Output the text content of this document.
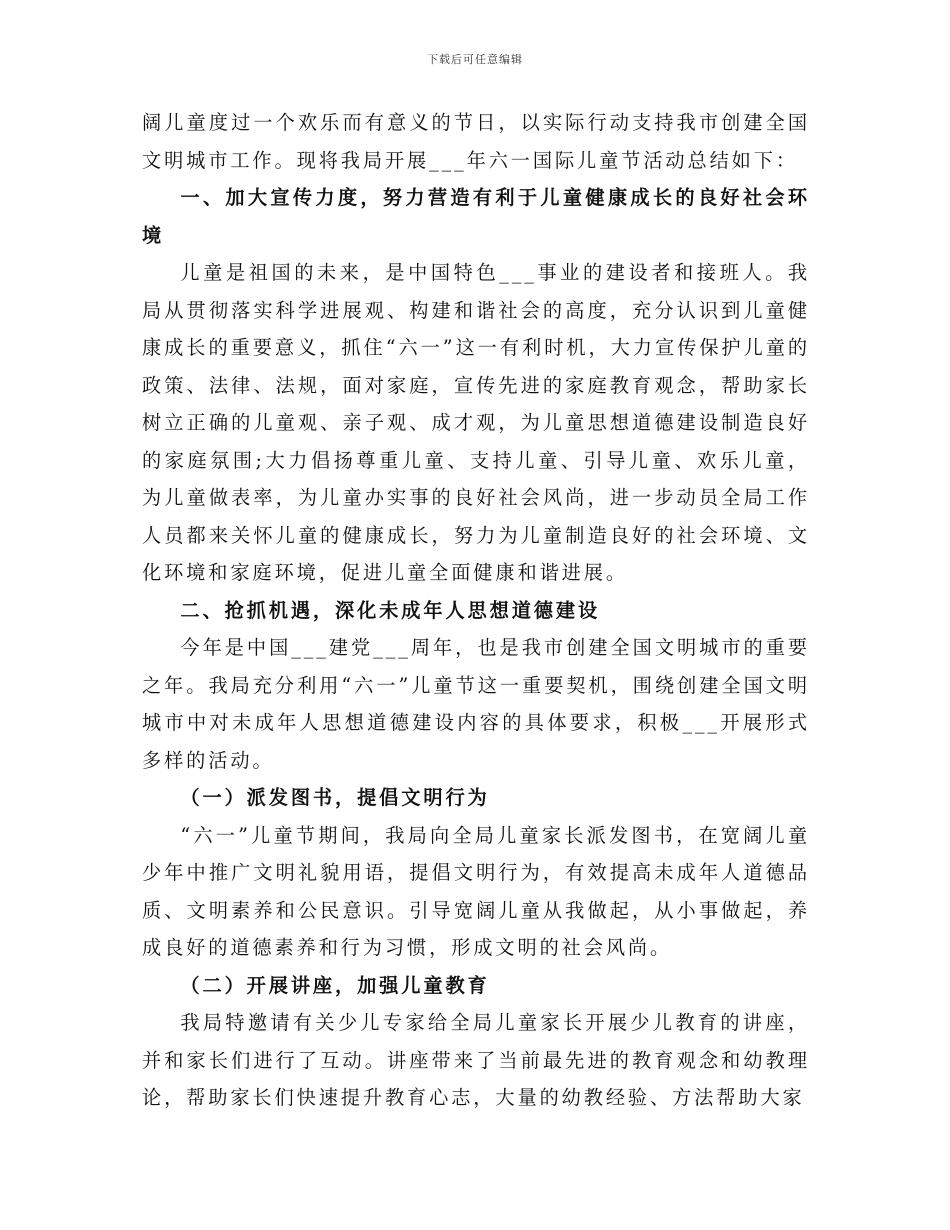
下载后可任意编辑

阔儿童度过一个欢乐而有意义的节日，以实际行动支持我市创建全国文明城市工作。现将我局开展___年六一国际儿童节活动总结如下：

一、加大宣传力度，努力营造有利于儿童健康成长的良好社会环境

儿童是祖国的未来，是中国特色___事业的建设者和接班人。我局从贯彻落实科学进展观、构建和谐社会的高度，充分认识到儿童健康成长的重要意义，抓住“六一”这一有利时机，大力宣传保护儿童的政策、法律、法规，面对家庭，宣传先进的家庭教育观念，帮助家长树立正确的儿童观、亲子观、成才观，为儿童思想道德建设制造良好的家庭氛围;大力倡扬尊重儿童、支持儿童、引导儿童、欢乐儿童，为儿童做表率，为儿童办实事的良好社会风尚，进一步动员全局工作人员都来关怀儿童的健康成长，努力为儿童制造良好的社会环境、文化环境和家庭环境，促进儿童全面健康和谐进展。

二、抢抓机遇，深化未成年人思想道德建设

今年是中国___建党___周年，也是我市创建全国文明城市的重要之年。我局充分利用“六一”儿童节这一重要契机，围绕创建全国文明城市中对未成年人思想道德建设内容的具体要求，积极___开展形式多样的活动。

（一）派发图书，提倡文明行为

“六一”儿童节期间，我局向全局儿童家长派发图书，在宽阔儿童少年中推广文明礼貌用语，提倡文明行为，有效提高未成年人道德品质、文明素养和公民意识。引导宽阔儿童从我做起，从小事做起，养成良好的道德素养和行为习惯，形成文明的社会风尚。

（二）开展讲座，加强儿童教育

我局特邀请有关少儿专家给全局儿童家长开展少儿教育的讲座，并和家长们进行了互动。讲座带来了当前最先进的教育观念和幼教理论，帮助家长们快速提升教育心志，大量的幼教经验、方法帮助大家
